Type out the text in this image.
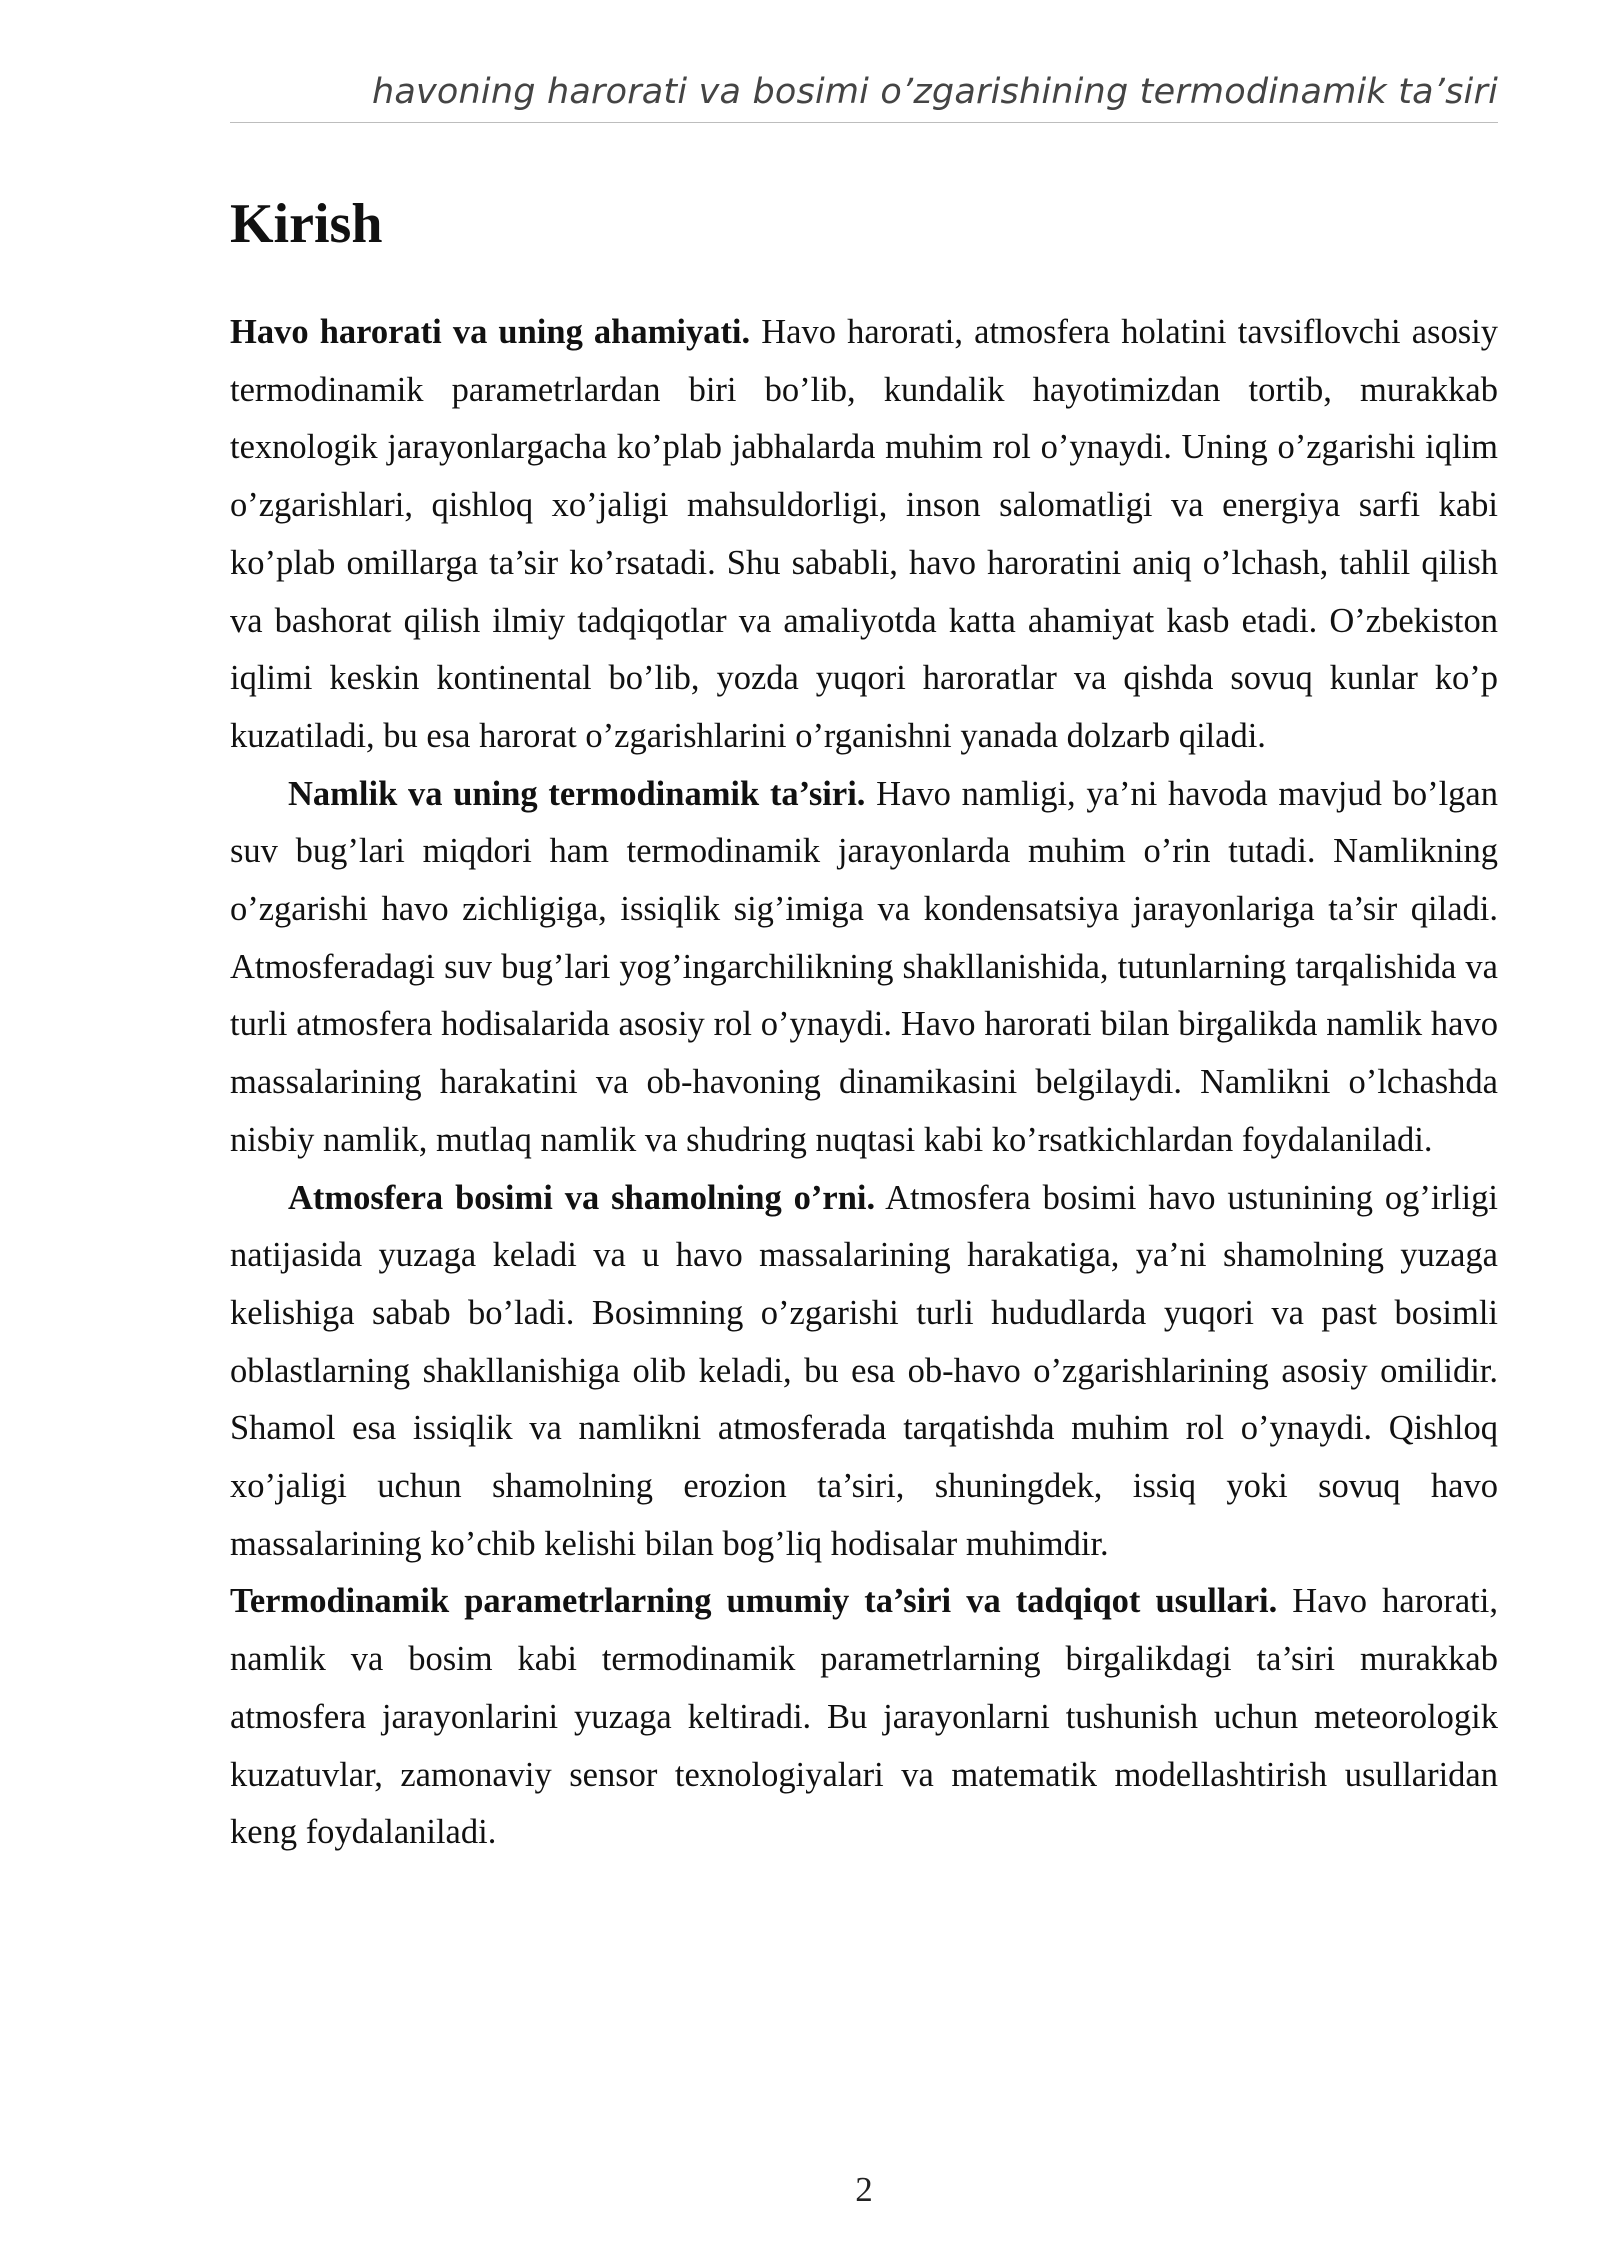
havoning harorati va bosimi o’zgarishining termodinamik ta’siri
Kirish

Havo harorati va uning ahamiyati. Havo harorati, atmosfera holatini tavsiflovchi asosiy termodinamik parametrlardan biri bo’lib, kundalik hayotimizdan tortib, murakkab texnologik jarayonlargacha ko’plab jabhalarda muhim rol o’ynaydi. Uning o’zgarishi iqlim o’zgarishlari, qishloq xo’jaligi mahsuldorligi, inson salomatligi va energiya sarfi kabi ko’plab omillarga ta’sir ko’rsatadi. Shu sababli, havo haroratini aniq o’lchash, tahlil qilish va bashorat qilish ilmiy tadqiqotlar va amaliyotda katta ahamiyat kasb etadi. O’zbekiston iqlimi keskin kontinental bo’lib, yozda yuqori haroratlar va qishda sovuq kunlar ko’p kuzatiladi, bu esa harorat o’zgarishlarini o’rganishni yanada dolzarb qiladi.

Namlik va uning termodinamik ta’siri. Havo namligi, ya’ni havoda mavjud bo’lgan suv bug’lari miqdori ham termodinamik jarayonlarda muhim o’rin tutadi. Namlikning o’zgarishi havo zichligiga, issiqlik sig’imiga va kondensatsiya jarayonlariga ta’sir qiladi. Atmosferadagi suv bug’lari yog’ingarchilikning shakllanishida, tutunlarning tarqalishida va turli atmosfera hodisalarida asosiy rol o’ynaydi. Havo harorati bilan birgalikda namlik havo massalarining harakatini va ob-havoning dinamikasini belgilaydi. Namlikni o’lchashda nisbiy namlik, mutlaq namlik va shudring nuqtasi kabi ko’rsatkichlardan foydalaniladi.

Atmosfera bosimi va shamolning o’rni. Atmosfera bosimi havo ustunining og’irligi natijasida yuzaga keladi va u havo massalarining harakatiga, ya’ni shamolning yuzaga kelishiga sabab bo’ladi. Bosimning o’zgarishi turli hududlarda yuqori va past bosimli oblastlarning shakllanishiga olib keladi, bu esa ob-havo o’zgarishlarining asosiy omilidir. Shamol esa issiqlik va namlikni atmosferada tarqatishda muhim rol o’ynaydi. Qishloq xo’jaligi uchun shamolning erozion ta’siri, shuningdek, issiq yoki sovuq havo massalarining ko’chib kelishi bilan bog’liq hodisalar muhimdir.

Termodinamik parametrlarning umumiy ta’siri va tadqiqot usullari. Havo harorati, namlik va bosim kabi termodinamik parametrlarning birgalikdagi ta’siri murakkab atmosfera jarayonlarini yuzaga keltiradi. Bu jarayonlarni tushunish uchun meteorologik kuzatuvlar, zamonaviy sensor texnologiyalari va matematik modellashtirish usullaridan keng foydalaniladi.

2
